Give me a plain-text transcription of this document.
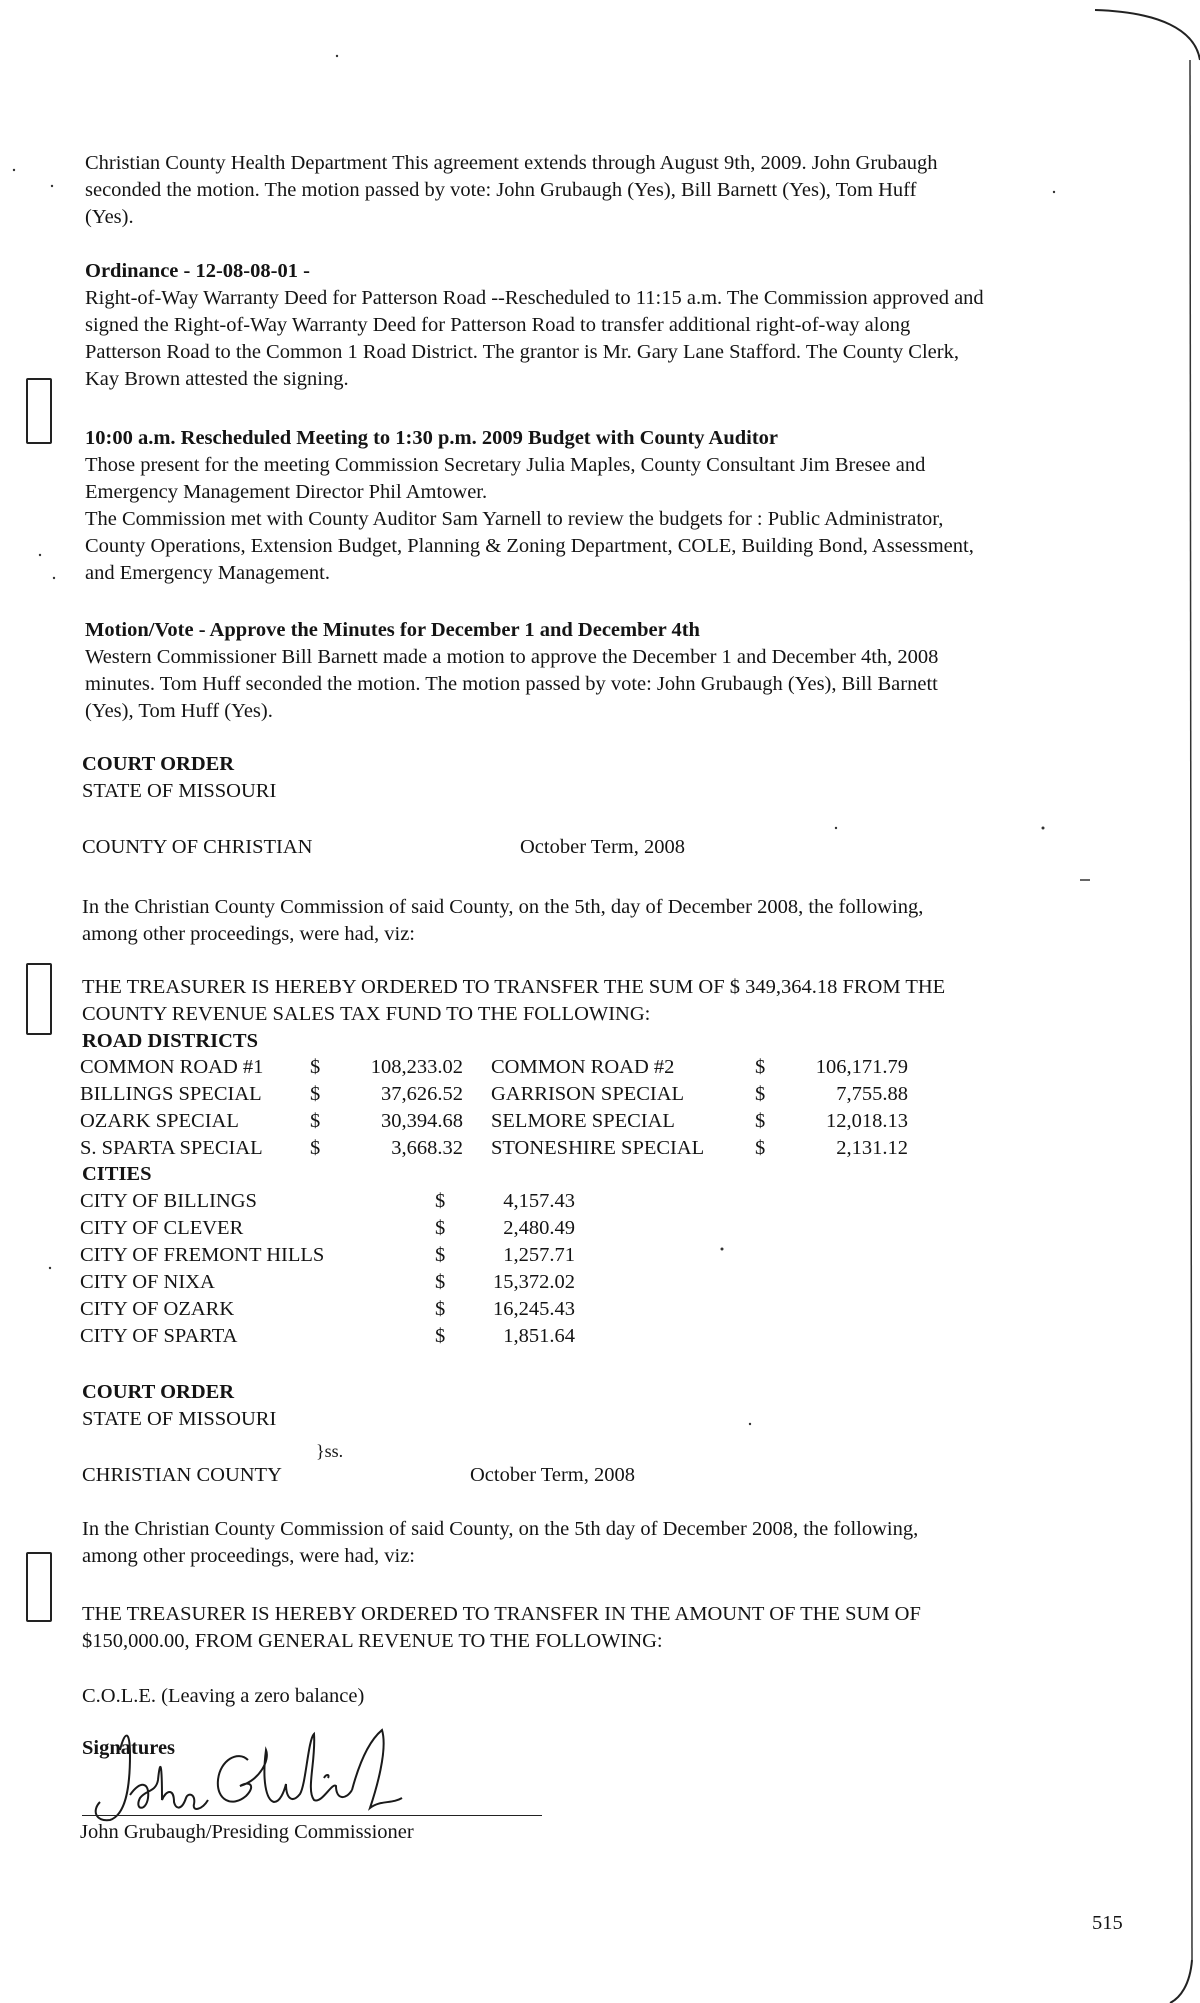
Christian County Health Department This agreement extends through August 9th, 2009. John Grubaugh
seconded the motion. The motion passed by vote: John Grubaugh (Yes), Bill Barnett (Yes), Tom Huff
(Yes).
Ordinance - 12-08-08-01 -
Right-of-Way Warranty Deed for Patterson Road --Rescheduled to 11:15 a.m. The Commission approved and
signed the Right-of-Way Warranty Deed for Patterson Road to transfer additional right-of-way along
Patterson Road to the Common 1 Road District. The grantor is Mr. Gary Lane Stafford. The County Clerk,
Kay Brown attested the signing.
10:00 a.m. Rescheduled Meeting to 1:30 p.m. 2009 Budget with County Auditor
Those present for the meeting Commission Secretary Julia Maples, County Consultant Jim Bresee and
Emergency Management Director Phil Amtower.
The Commission met with County Auditor Sam Yarnell to review the budgets for : Public Administrator,
County Operations, Extension Budget, Planning & Zoning Department, COLE, Building Bond, Assessment,
and Emergency Management.
Motion/Vote - Approve the Minutes for December 1 and December 4th
Western Commissioner Bill Barnett made a motion to approve the December 1 and December 4th, 2008
minutes. Tom Huff seconded the motion. The motion passed by vote: John Grubaugh (Yes), Bill Barnett
(Yes), Tom Huff (Yes).
COURT ORDER
STATE OF MISSOURI
COUNTY OF CHRISTIAN	October Term, 2008
In the Christian County Commission of said County, on the 5th, day of December 2008, the following,
among other proceedings, were had, viz:
THE TREASURER IS HEREBY ORDERED TO TRANSFER THE SUM OF $ 349,364.18 FROM THE
COUNTY REVENUE SALES TAX FUND TO THE FOLLOWING:
ROAD DISTRICTS
COMMON ROAD #1 $	108,233.02 COMMON ROAD #2	$	106,171.79
BILLINGS SPECIAL $	37,626.52 GARRISON SPECIAL	$	7,755.88
OZARK SPECIAL	$	30,394.68 SELMORE SPECIAL	$	12,018.13
S. SPARTA SPECIAL $	3,668.32 STONESHIRE SPECIAL $	2,131.12
CITIES
CITY OF BILLINGS	$	4,157.43
CITY OF CLEVER	$	2,480.49
CITY OF FREMONT HILLS	$	1,257.71
CITY OF NIXA	$	15,372.02
CITY OF OZARK	$	16,245.43
CITY OF SPARTA	$	1,851.64
COURT ORDER
STATE OF MISSOURI
}ss.
CHRISTIAN COUNTY	October Term, 2008
In the Christian County Commission of said County, on the 5th day of December 2008, the following,
among other proceedings, were had, viz:
THE TREASURER IS HEREBY ORDERED TO TRANSFER IN THE AMOUNT OF THE SUM OF
$150,000.00, FROM GENERAL REVENUE TO THE FOLLOWING:
C.O.L.E. (Leaving a zero balance)
Signatures
John Grubaugh/Presiding Commissioner
515
